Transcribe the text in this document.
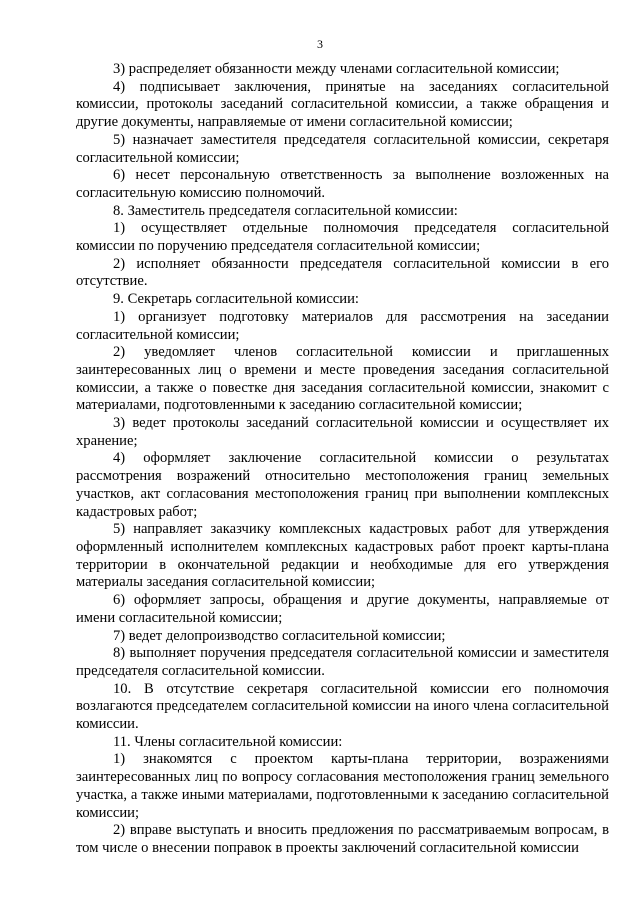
3

3) распределяет обязанности между членами согласительной комиссии;

4) подписывает заключения, принятые на заседаниях согласительной комиссии, протоколы заседаний согласительной комиссии, а также обращения и другие документы, направляемые от имени согласительной комиссии;

5) назначает заместителя председателя согласительной комиссии, секретаря согласительной комиссии;

6) несет персональную ответственность за выполнение возложенных на согласительную комиссию полномочий.

8. Заместитель председателя согласительной комиссии:

1) осуществляет отдельные полномочия председателя согласительной комиссии по поручению председателя согласительной комиссии;

2) исполняет обязанности председателя согласительной комиссии в его отсутствие.

9. Секретарь согласительной комиссии:

1) организует подготовку материалов для рассмотрения на заседании согласительной комиссии;

2) уведомляет членов согласительной комиссии и приглашенных заинтересованных лиц о времени и месте проведения заседания согласительной комиссии, а также о повестке дня заседания согласительной комиссии, знакомит с материалами, подготовленными к заседанию согласительной комиссии;

3) ведет протоколы заседаний согласительной комиссии и осуществляет их хранение;

4) оформляет заключение согласительной комиссии о результатах рассмотрения возражений относительно местоположения границ земельных участков, акт согласования местоположения границ при выполнении комплексных кадастровых работ;

5) направляет заказчику комплексных кадастровых работ для утверждения оформленный исполнителем комплексных кадастровых работ проект карты-плана территории в окончательной редакции и необходимые для его утверждения материалы заседания согласительной комиссии;

6) оформляет запросы, обращения и другие документы, направляемые от имени согласительной комиссии;

7) ведет делопроизводство согласительной комиссии;

8) выполняет поручения председателя согласительной комиссии и заместителя председателя согласительной комиссии.

10. В отсутствие секретаря согласительной комиссии его полномочия возлагаются председателем согласительной комиссии на иного члена согласительной комиссии.

11. Члены согласительной комиссии:

1) знакомятся с проектом карты-плана территории, возражениями заинтересованных лиц по вопросу согласования местоположения границ земельного участка, а также иными материалами, подготовленными к заседанию согласительной комиссии;

2) вправе выступать и вносить предложения по рассматриваемым вопросам, в том числе о внесении поправок в проекты заключений согласительной комиссии
